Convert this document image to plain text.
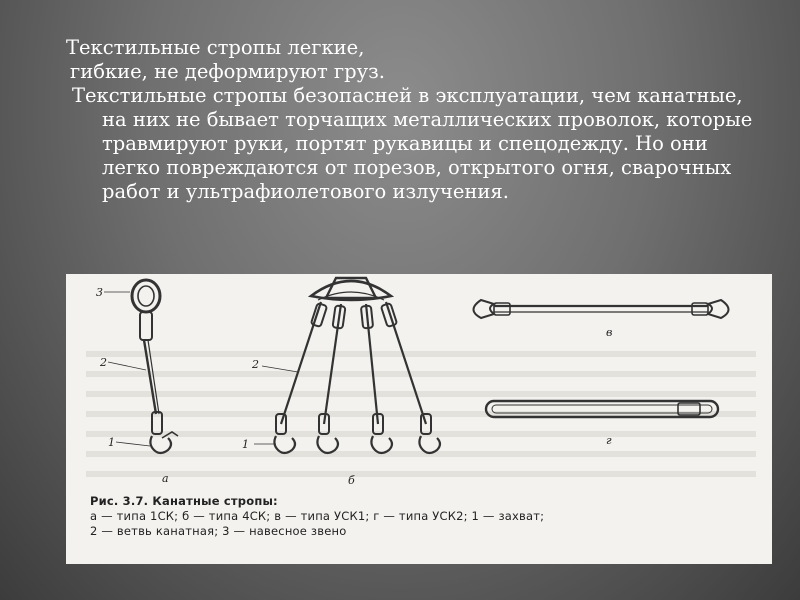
Текстильные стропы легкие,

гибкие, не деформируют груз.

Текстильные стропы безопасней в эксплуатации, чем канатные, на них не бывает торчащих металлических проволок, которые травмируют руки, портят рукавицы и спецодежду. Но они легко повреждаются от порезов, открытого огня, сварочных работ и ультрафиолетового излучения.

3
2
1
а
2
1
б
в
г
Рис. 3.7. Канатные стропы:
а — типа 1СК; б — типа 4СК; в — типа УСК1; г — типа УСК2; 1 — захват;
2 — ветвь канатная; 3 — навесное звено
